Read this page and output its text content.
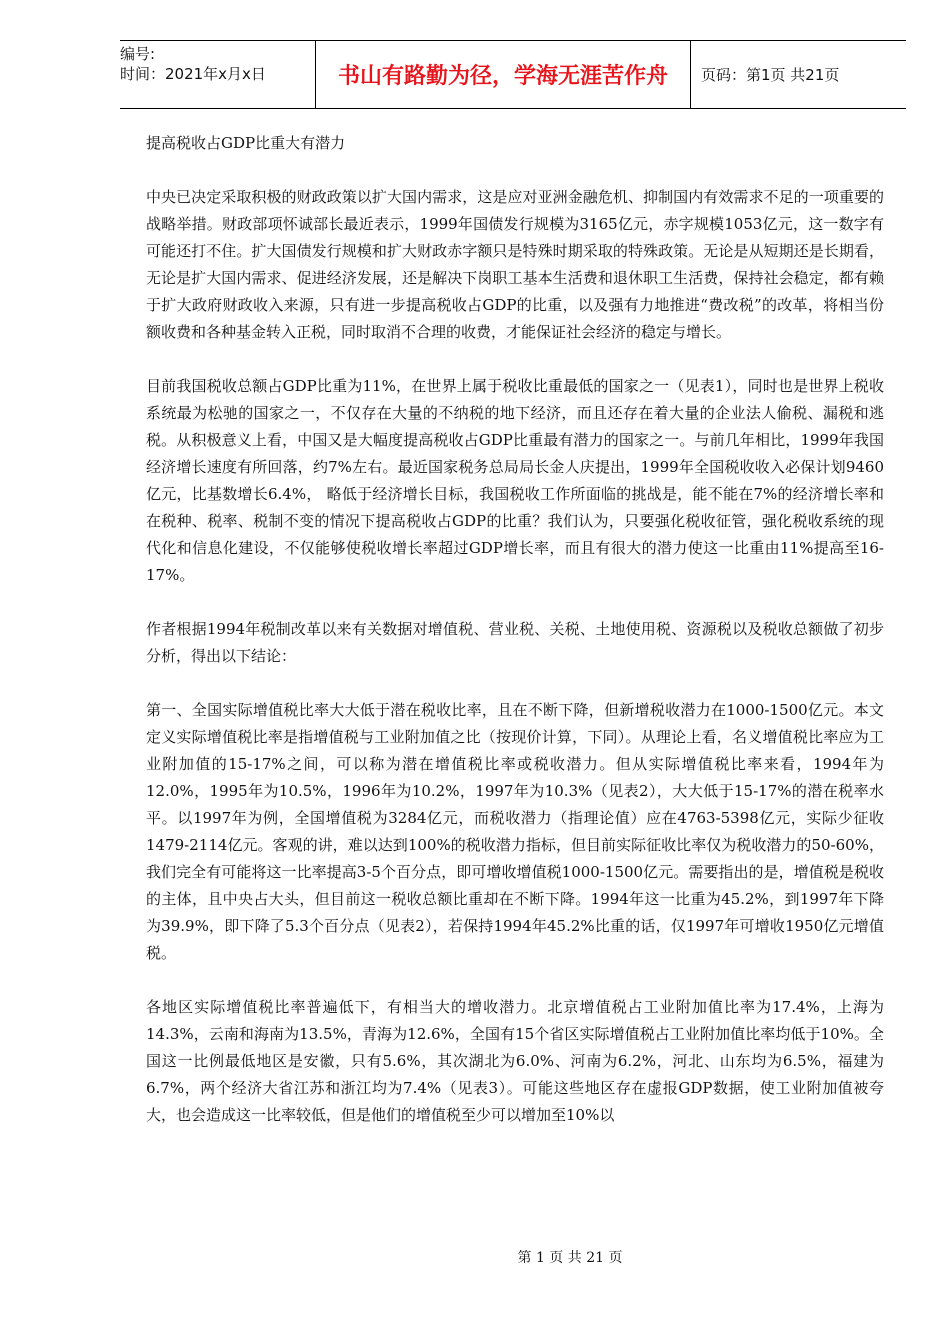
编号:
时间：2021年x月x日	书山有路勤为径，学海无涯苦作舟	页码：第1页 共21页

提高税收占GDP比重大有潜力

中央已决定采取积极的财政政策以扩大国内需求，这是应对亚洲金融危机、抑制国内有效需求不足的一项重要的战略举措。财政部项怀诚部长最近表示，1999年国债发行规模为3165亿元，赤字规模1053亿元，这一数字有可能还打不住。扩大国债发行规模和扩大财政赤字额只是特殊时期采取的特殊政策。无论是从短期还是长期看，无论是扩大国内需求、促进经济发展，还是解决下岗职工基本生活费和退休职工生活费，保持社会稳定，都有赖于扩大政府财政收入来源，只有进一步提高税收占GDP的比重，以及强有力地推进“费改税”的改革，将相当份额收费和各种基金转入正税，同时取消不合理的收费，才能保证社会经济的稳定与增长。

目前我国税收总额占GDP比重为11%，在世界上属于税收比重最低的国家之一（见表1），同时也是世界上税收系统最为松驰的国家之一，不仅存在大量的不纳税的地下经济，而且还存在着大量的企业法人偷税、漏税和逃税。从积极意义上看，中国又是大幅度提高税收占GDP比重最有潜力的国家之一。与前几年相比，1999年我国经济增长速度有所回落，约7%左右。最近国家税务总局局长金人庆提出，1999年全国税收收入必保计划9460亿元，比基数增长6.4%， 略低于经济增长目标，我国税收工作所面临的挑战是，能不能在7%的经济增长率和在税种、税率、税制不变的情况下提高税收占GDP的比重？我们认为，只要强化税收征管，强化税收系统的现代化和信息化建设，不仅能够使税收增长率超过GDP增长率，而且有很大的潜力使这一比重由11%提高至16-17%。

作者根据1994年税制改革以来有关数据对增值税、营业税、关税、土地使用税、资源税以及税收总额做了初步分析，得出以下结论：

第一、全国实际增值税比率大大低于潜在税收比率，且在不断下降，但新增税收潜力在1000-1500亿元。本文定义实际增值税比率是指增值税与工业附加值之比（按现价计算，下同）。从理论上看，名义增值税比率应为工业附加值的15-17%之间，可以称为潜在增值税比率或税收潜力。但从实际增值税比率来看，1994年为12.0%，1995年为10.5%，1996年为10.2%，1997年为10.3%（见表2），大大低于15-17%的潜在税率水平。以1997年为例，全国增值税为3284亿元，而税收潜力（指理论值）应在4763-5398亿元，实际少征收1479-2114亿元。客观的讲，难以达到100%的税收潜力指标，但目前实际征收比率仅为税收潜力的50-60%，我们完全有可能将这一比率提高3-5个百分点，即可增收增值税1000-1500亿元。需要指出的是，增值税是税收的主体，且中央占大头，但目前这一税收总额比重却在不断下降。1994年这一比重为45.2%，到1997年下降为39.9%，即下降了5.3个百分点（见表2），若保持1994年45.2%比重的话，仅1997年可增收1950亿元增值税。

各地区实际增值税比率普遍低下，有相当大的增收潜力。北京增值税占工业附加值比率为17.4%，上海为14.3%，云南和海南为13.5%，青海为12.6%，全国有15个省区实际增值税占工业附加值比率均低于10%。全国这一比例最低地区是安徽，只有5.6%，其次湖北为6.0%、河南为6.2%，河北、山东均为6.5%，福建为6.7%，两个经济大省江苏和浙江均为7.4%（见表3）。可能这些地区存在虚报GDP数据，使工业附加值被夸大，也会造成这一比率较低，但是他们的增值税至少可以增加至10%以

第 1 页 共 21 页
